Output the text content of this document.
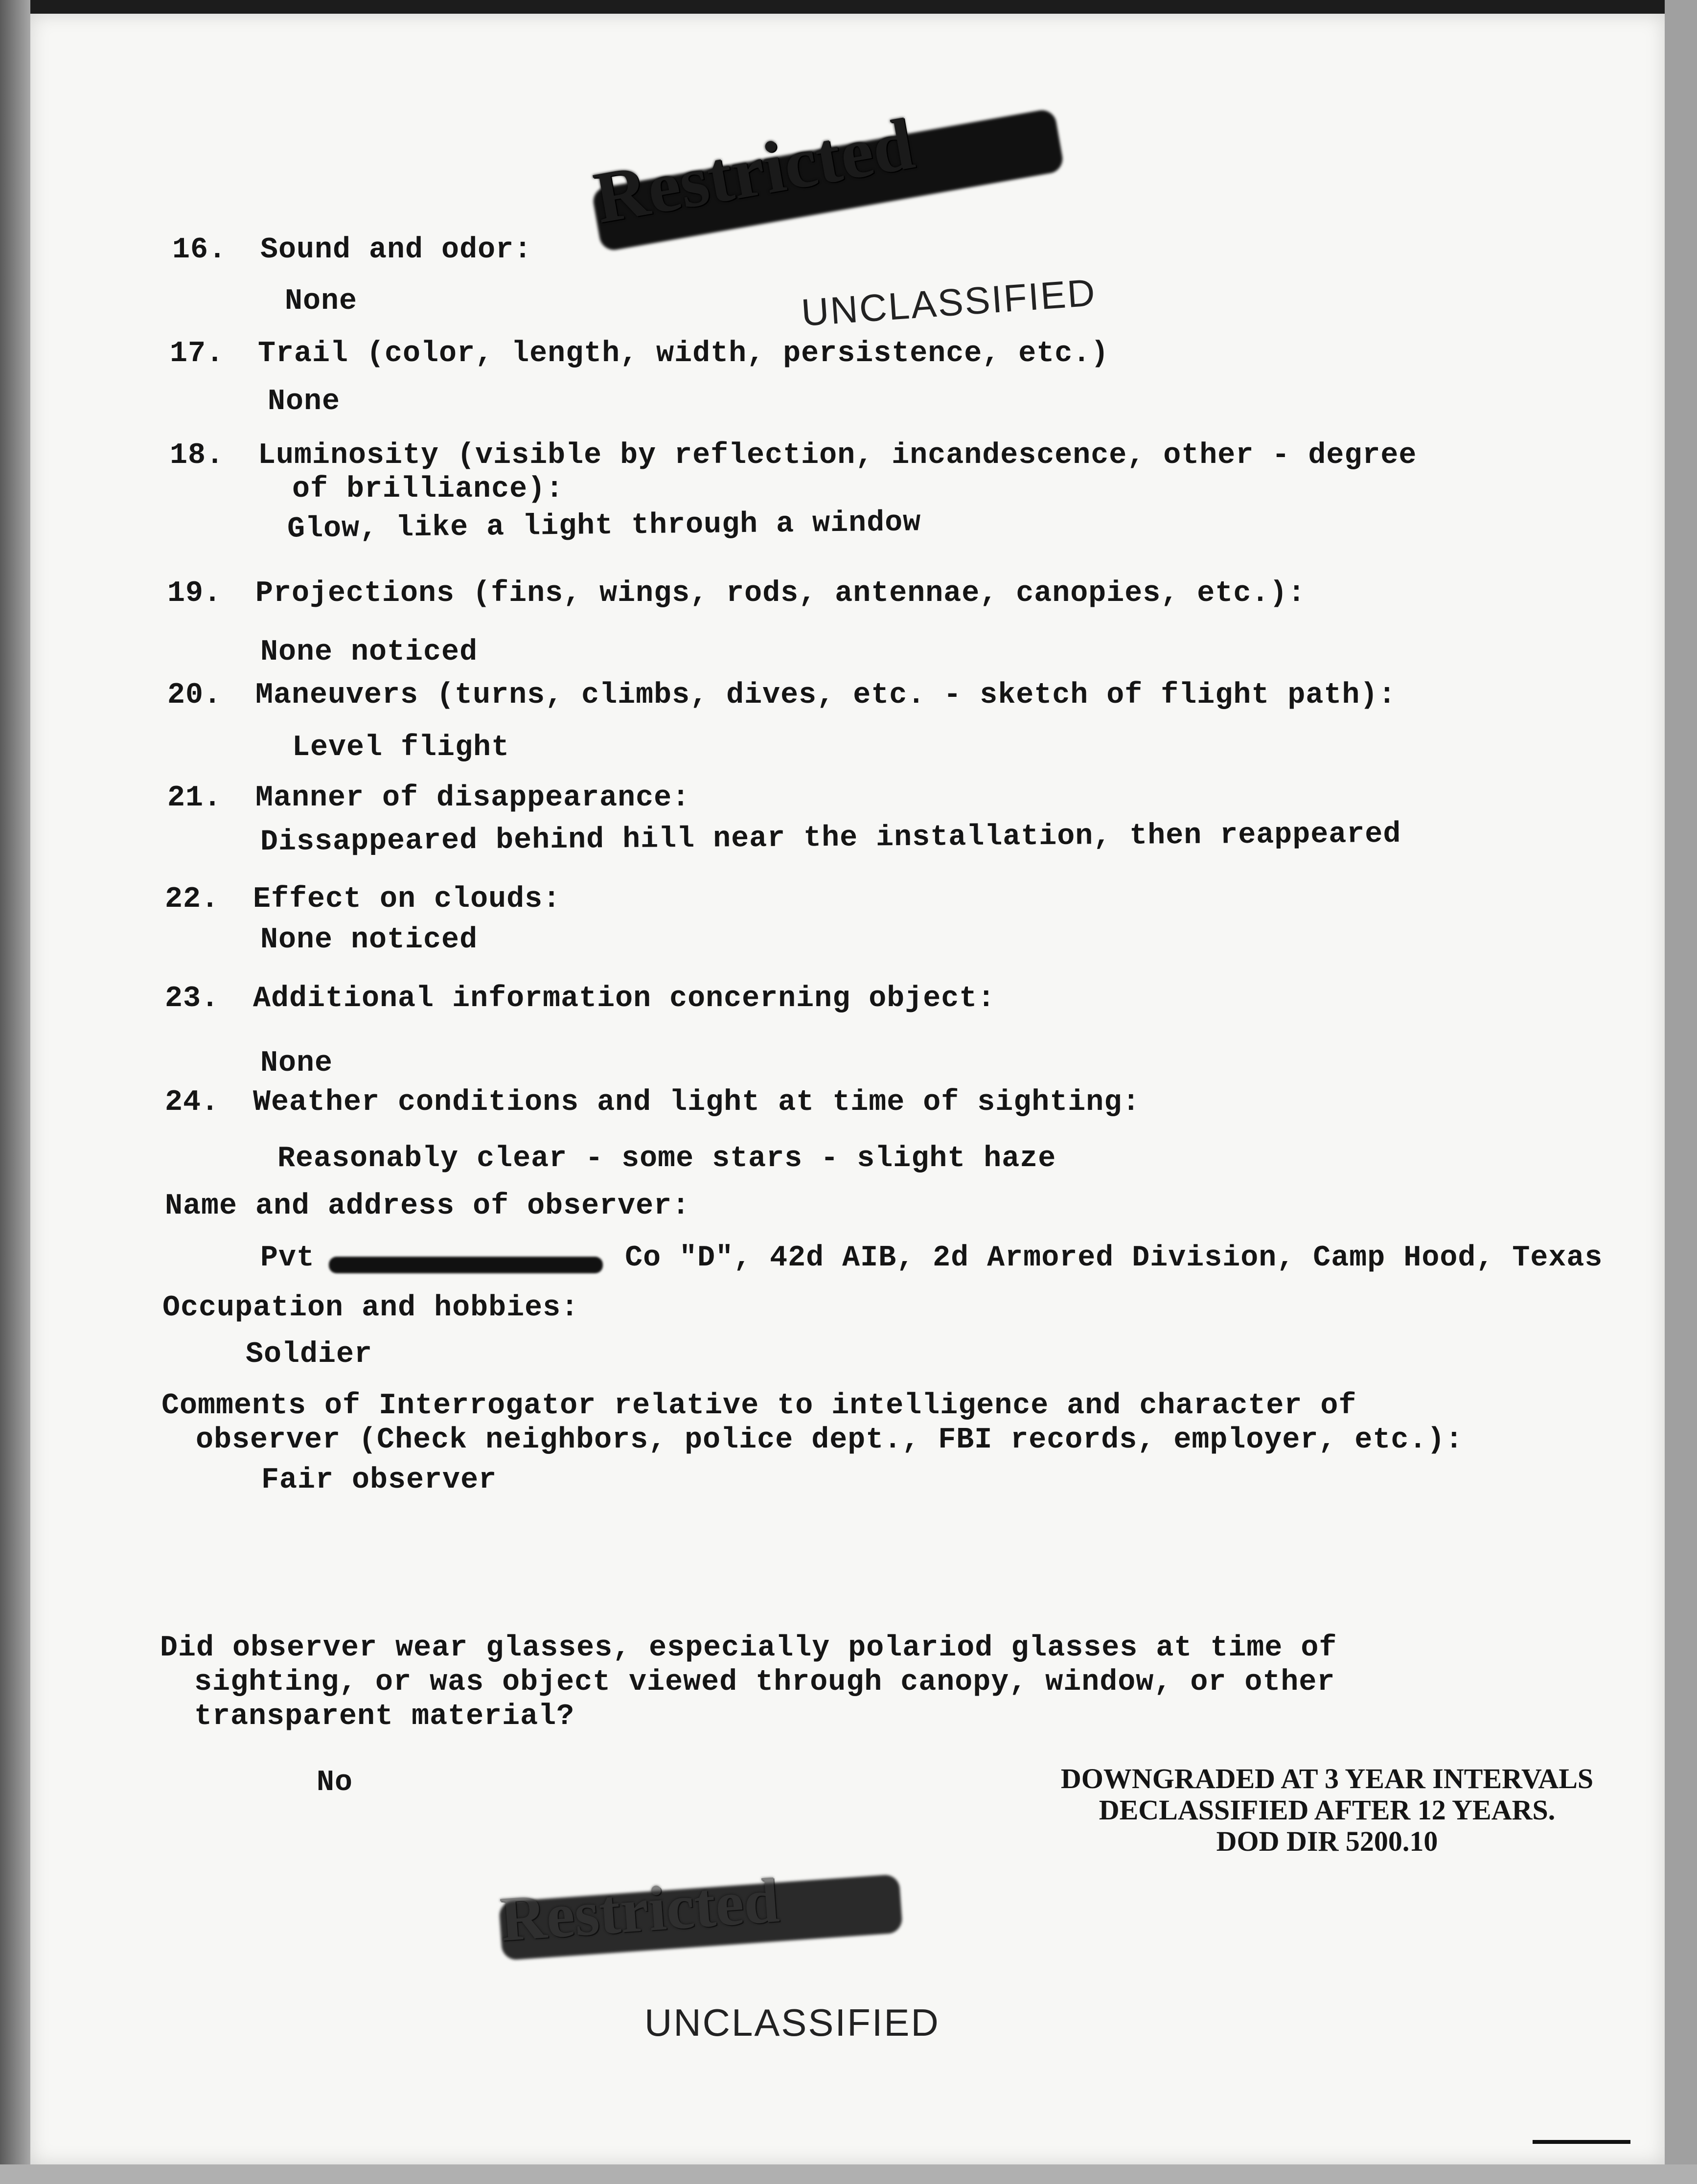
Restricted
UNCLASSIFIED
16. Sound and odor:
None
17. Trail (color, length, width, persistence, etc.)
None
18. Luminosity (visible by reflection, incandescence, other - degree
of brilliance):
Glow, like a light through a window
19. Projections (fins, wings, rods, antennae, canopies, etc.):
None noticed
20. Maneuvers (turns, climbs, dives, etc. - sketch of flight path):
Level flight
21. Manner of disappearance:
Dissappeared behind hill near the installation, then reappeared
22. Effect on clouds:
None noticed
23. Additional information concerning object:
None
24. Weather conditions and light at time of sighting:
Reasonably clear - some stars - slight haze
Name and address of observer:
Pvt	Co "D", 42d AIB, 2d Armored Division, Camp Hood, Texas
Occupation and hobbies:
Soldier
Comments of Interrogator relative to intelligence and character of
observer (Check neighbors, police dept., FBI records, employer, etc.):
Fair observer
Did observer wear glasses, especially polariod glasses at time of
sighting, or was object viewed through canopy, window, or other
transparent material?
No	DOWNGRADED AT 3 YEAR INTERVALS
DECLASSIFIED AFTER 12 YEARS.
DOD DIR 5200.10
Restricted
UNCLASSIFIED
